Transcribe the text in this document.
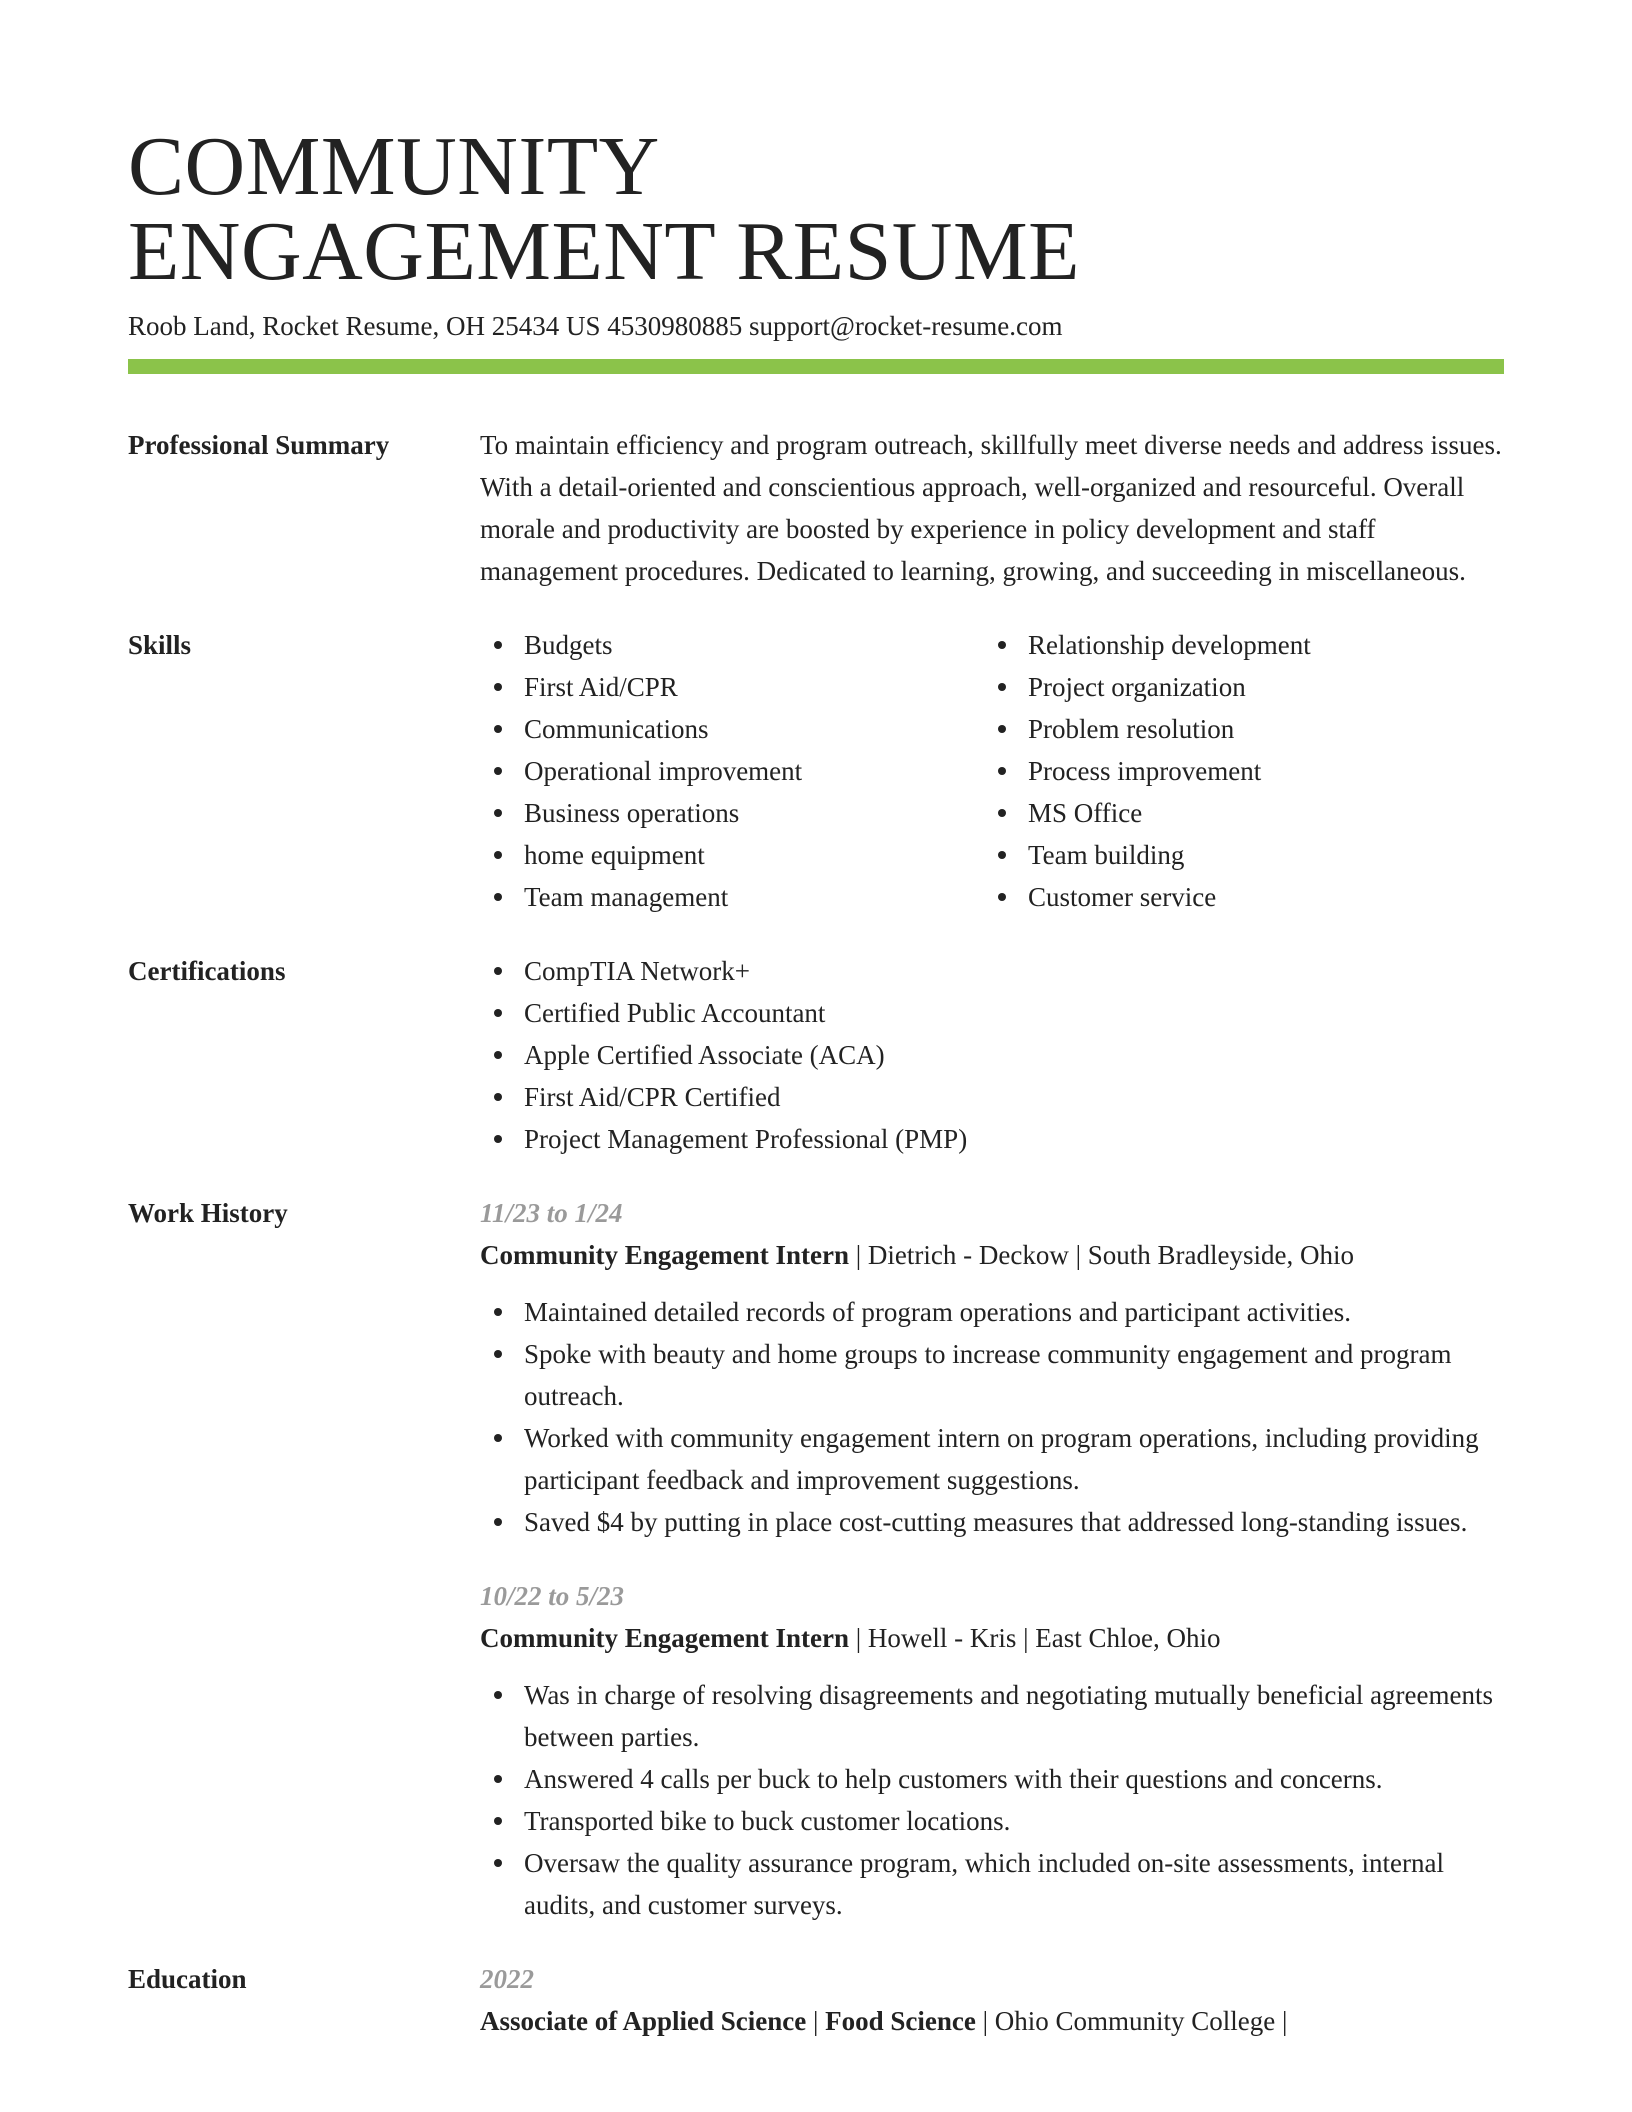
COMMUNITY ENGAGEMENT RESUME
Roob Land, Rocket Resume, OH 25434 US 4530980885 support@rocket-resume.com
Professional Summary	To maintain efficiency and program outreach, skillfully meet diverse needs and address issues. With a detail-oriented and conscientious approach, well-organized and resourceful. Overall morale and productivity are boosted by experience in policy development and staff management procedures. Dedicated to learning, growing, and succeeding in miscellaneous.
Skills	Budgets
First Aid/CPR
Communications
Operational improvement
Business operations
home equipment
Team management
Relationship development
Project organization
Problem resolution
Process improvement
MS Office
Team building
Customer service
Certifications	CompTIA Network+
Certified Public Accountant
Apple Certified Associate (ACA)
First Aid/CPR Certified
Project Management Professional (PMP)
Work History	11/23 to 1/24
Community Engagement Intern | Dietrich - Deckow | South Bradleyside, Ohio
Maintained detailed records of program operations and participant activities.
Spoke with beauty and home groups to increase community engagement and program outreach.
Worked with community engagement intern on program operations, including providing participant feedback and improvement suggestions.
Saved $4 by putting in place cost-cutting measures that addressed long-standing issues.
10/22 to 5/23
Community Engagement Intern | Howell - Kris | East Chloe, Ohio
Was in charge of resolving disagreements and negotiating mutually beneficial agreements between parties.
Answered 4 calls per buck to help customers with their questions and concerns.
Transported bike to buck customer locations.
Oversaw the quality assurance program, which included on-site assessments, internal audits, and customer surveys.
Education	2022
Associate of Applied Science | Food Science | Ohio Community College |
